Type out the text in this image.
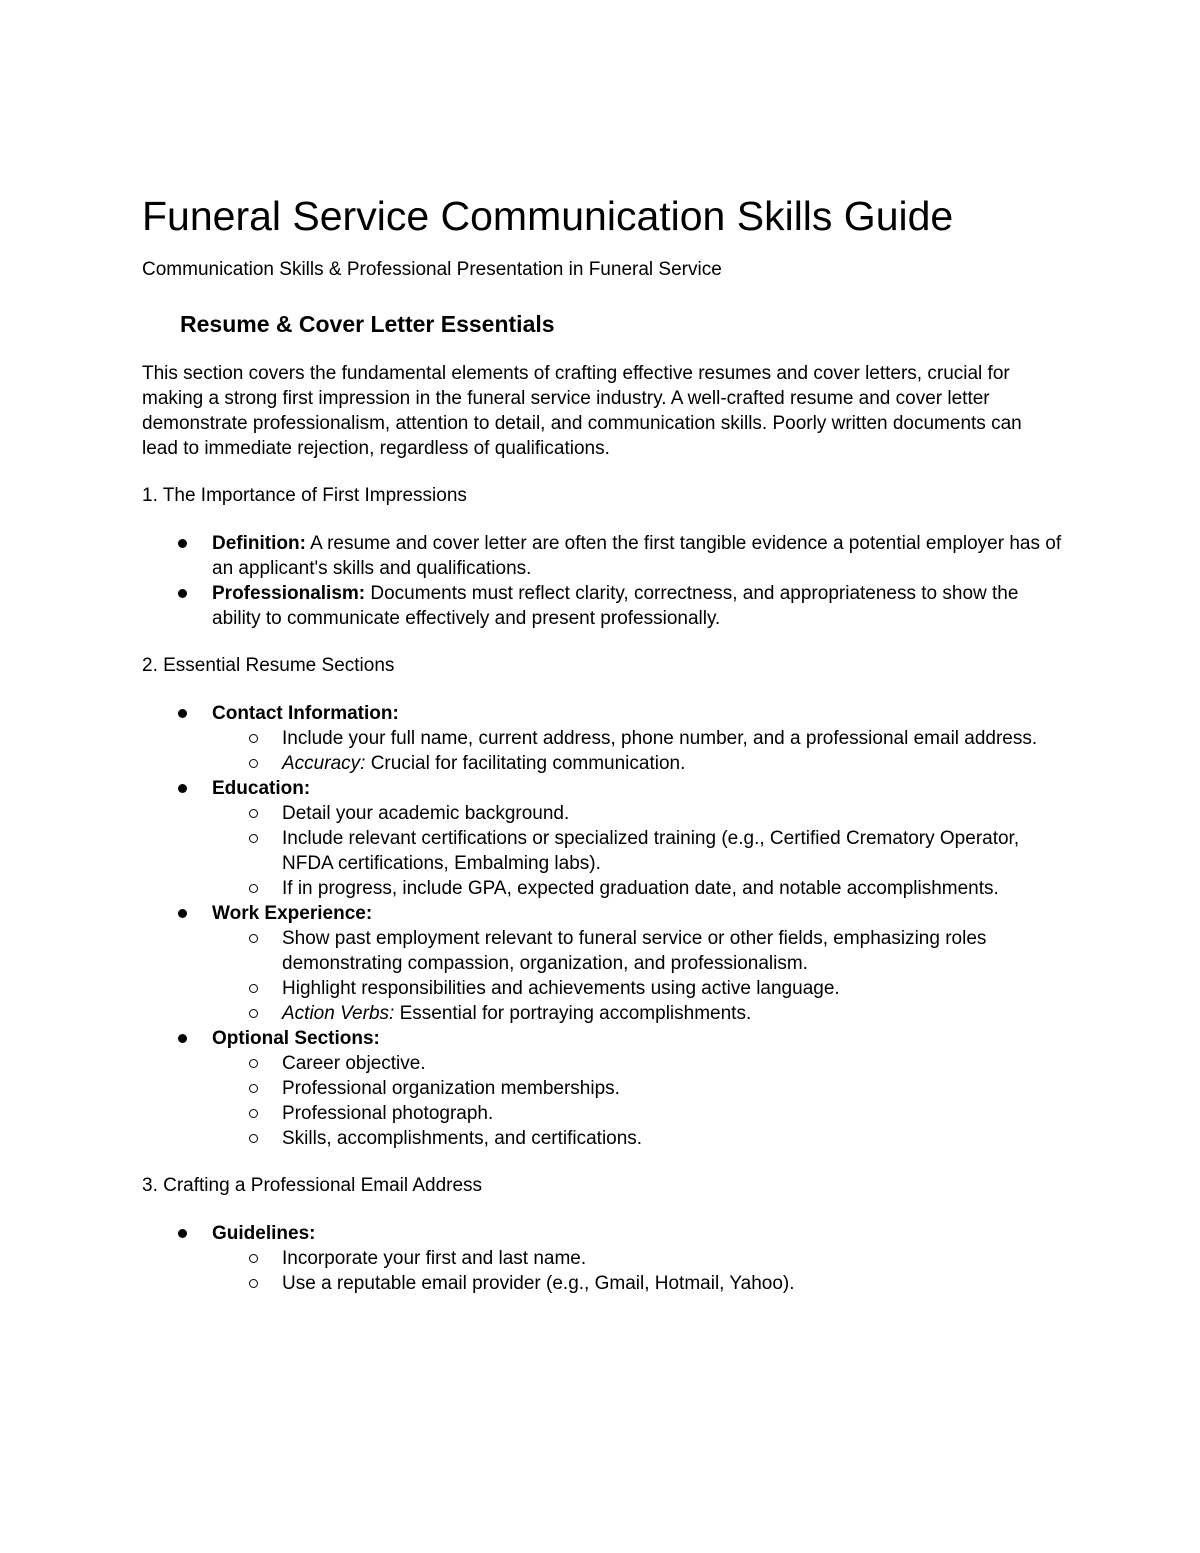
Funeral Service Communication Skills Guide

Communication Skills & Professional Presentation in Funeral Service

Resume & Cover Letter Essentials

This section covers the fundamental elements of crafting effective resumes and cover letters, crucial for making a strong first impression in the funeral service industry. A well-crafted resume and cover letter demonstrate professionalism, attention to detail, and communication skills. Poorly written documents can lead to immediate rejection, regardless of qualifications.

1. The Importance of First Impressions

Definition: A resume and cover letter are often the first tangible evidence a potential employer has of an applicant's skills and qualifications.
Professionalism: Documents must reflect clarity, correctness, and appropriateness to show the ability to communicate effectively and present professionally.

2. Essential Resume Sections

Contact Information:
Include your full name, current address, phone number, and a professional email address.
Accuracy: Crucial for facilitating communication.
Education:
Detail your academic background.
Include relevant certifications or specialized training (e.g., Certified Crematory Operator, NFDA certifications, Embalming labs).
If in progress, include GPA, expected graduation date, and notable accomplishments.
Work Experience:
Show past employment relevant to funeral service or other fields, emphasizing roles demonstrating compassion, organization, and professionalism.
Highlight responsibilities and achievements using active language.
Action Verbs: Essential for portraying accomplishments.
Optional Sections:
Career objective.
Professional organization memberships.
Professional photograph.
Skills, accomplishments, and certifications.

3. Crafting a Professional Email Address

Guidelines:
Incorporate your first and last name.
Use a reputable email provider (e.g., Gmail, Hotmail, Yahoo).
